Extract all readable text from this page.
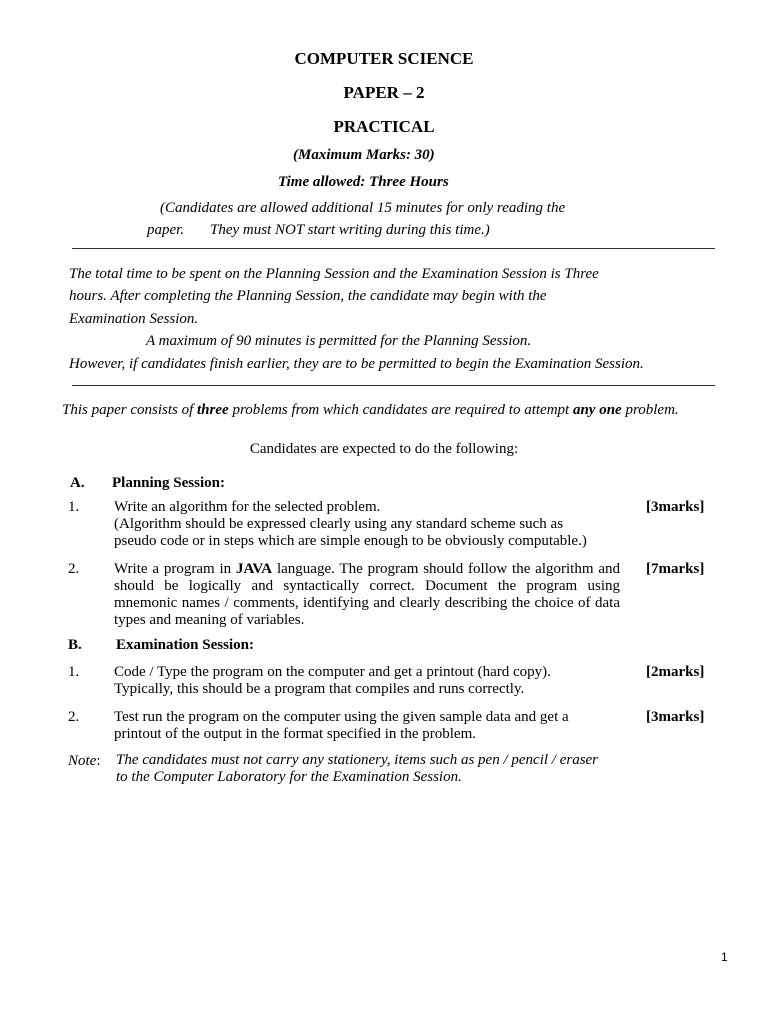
COMPUTER SCIENCE
PAPER – 2
PRACTICAL
(Maximum Marks: 30)
Time allowed: Three Hours
(Candidates are allowed additional 15 minutes for only reading the
paper. They must NOT start writing during this time.)
The total time to be spent on the Planning Session and the Examination Session is Three
hours. After completing the Planning Session, the candidate may begin with the
Examination Session.
A maximum of 90 minutes is permitted for the Planning Session.
However, if candidates finish earlier, they are to be permitted to begin the Examination Session.
This paper consists of three problems from which candidates are required to attempt any one problem.
Candidates are expected to do the following:
A. Planning Session:
1. Write an algorithm for the selected problem.
(Algorithm should be expressed clearly using any standard scheme such as
pseudo code or in steps which are simple enough to be obviously computable.)
[3marks]
2. Write a program in JAVA language. The program should follow the algorithm and should be logically and syntactically correct. Document the program using mnemonic names / comments, identifying and clearly describing the choice of data types and meaning of variables.
[7marks]
B. Examination Session:
1. Code / Type the program on the computer and get a printout (hard copy).
Typically, this should be a program that compiles and runs correctly.
[2marks]
2. Test run the program on the computer using the given sample data and get a
printout of the output in the format specified in the problem.
[3marks]
Note: The candidates must not carry any stationery, items such as pen / pencil / eraser
to the Computer Laboratory for the Examination Session.
1
